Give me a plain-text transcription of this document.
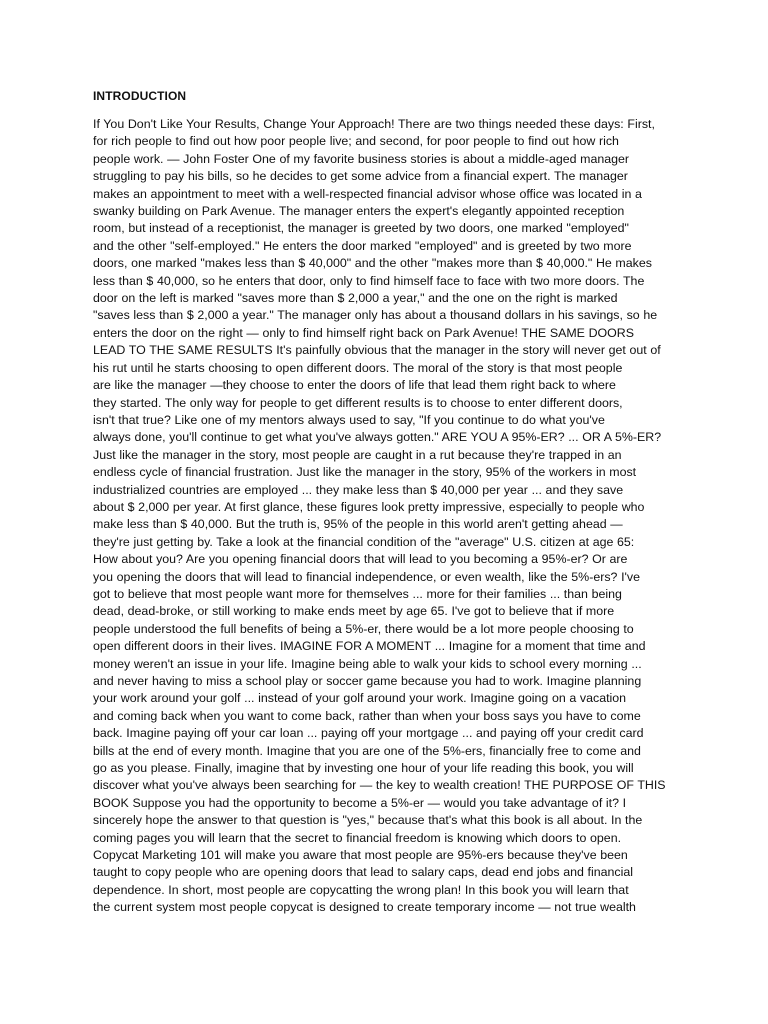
INTRODUCTION
If You Don't Like Your Results, Change Your Approach! There are two things needed these days: First,
for rich people to find out how poor people live; and second, for poor people to find out how rich
people work. — John Foster One of my favorite business stories is about a middle-aged manager
struggling to pay his bills, so he decides to get some advice from a financial expert. The manager
makes an appointment to meet with a well-respected financial advisor whose office was located in a
swanky building on Park Avenue. The manager enters the expert's elegantly appointed reception
room, but instead of a receptionist, the manager is greeted by two doors, one marked "employed"
and the other "self-employed." He enters the door marked "employed" and is greeted by two more
doors, one marked "makes less than $ 40,000" and the other "makes more than $ 40,000." He makes
less than $ 40,000, so he enters that door, only to find himself face to face with two more doors. The
door on the left is marked "saves more than $ 2,000 a year," and the one on the right is marked
"saves less than $ 2,000 a year." The manager only has about a thousand dollars in his savings, so he
enters the door on the right — only to find himself right back on Park Avenue! THE SAME DOORS
LEAD TO THE SAME RESULTS It's painfully obvious that the manager in the story will never get out of
his rut until he starts choosing to open different doors. The moral of the story is that most people
are like the manager —they choose to enter the doors of life that lead them right back to where
they started. The only way for people to get different results is to choose to enter different doors,
isn't that true? Like one of my mentors always used to say, "If you continue to do what you've
always done, you'll continue to get what you've always gotten." ARE YOU A 95%-ER? ... OR A 5%-ER?
Just like the manager in the story, most people are caught in a rut because they're trapped in an
endless cycle of financial frustration. Just like the manager in the story, 95% of the workers in most
industrialized countries are employed ... they make less than $ 40,000 per year ... and they save
about $ 2,000 per year. At first glance, these figures look pretty impressive, especially to people who
make less than $ 40,000. But the truth is, 95% of the people in this world aren't getting ahead —
they're just getting by. Take a look at the financial condition of the "average" U.S. citizen at age 65:
How about you? Are you opening financial doors that will lead to you becoming a 95%-er? Or are
you opening the doors that will lead to financial independence, or even wealth, like the 5%-ers? I've
got to believe that most people want more for themselves ... more for their families ... than being
dead, dead-broke, or still working to make ends meet by age 65. I've got to believe that if more
people understood the full benefits of being a 5%-er, there would be a lot more people choosing to
open different doors in their lives. IMAGINE FOR A MOMENT ... Imagine for a moment that time and
money weren't an issue in your life. Imagine being able to walk your kids to school every morning ...
and never having to miss a school play or soccer game because you had to work. Imagine planning
your work around your golf ... instead of your golf around your work. Imagine going on a vacation
and coming back when you want to come back, rather than when your boss says you have to come
back. Imagine paying off your car loan ... paying off your mortgage ... and paying off your credit card
bills at the end of every month. Imagine that you are one of the 5%-ers, financially free to come and
go as you please. Finally, imagine that by investing one hour of your life reading this book, you will
discover what you've always been searching for — the key to wealth creation! THE PURPOSE OF THIS
BOOK Suppose you had the opportunity to become a 5%-er — would you take advantage of it? I
sincerely hope the answer to that question is "yes," because that's what this book is all about. In the
coming pages you will learn that the secret to financial freedom is knowing which doors to open.
Copycat Marketing 101 will make you aware that most people are 95%-ers because they've been
taught to copy people who are opening doors that lead to salary caps, dead end jobs and financial
dependence. In short, most people are copycatting the wrong plan! In this book you will learn that
the current system most people copycat is designed to create temporary income — not true wealth
